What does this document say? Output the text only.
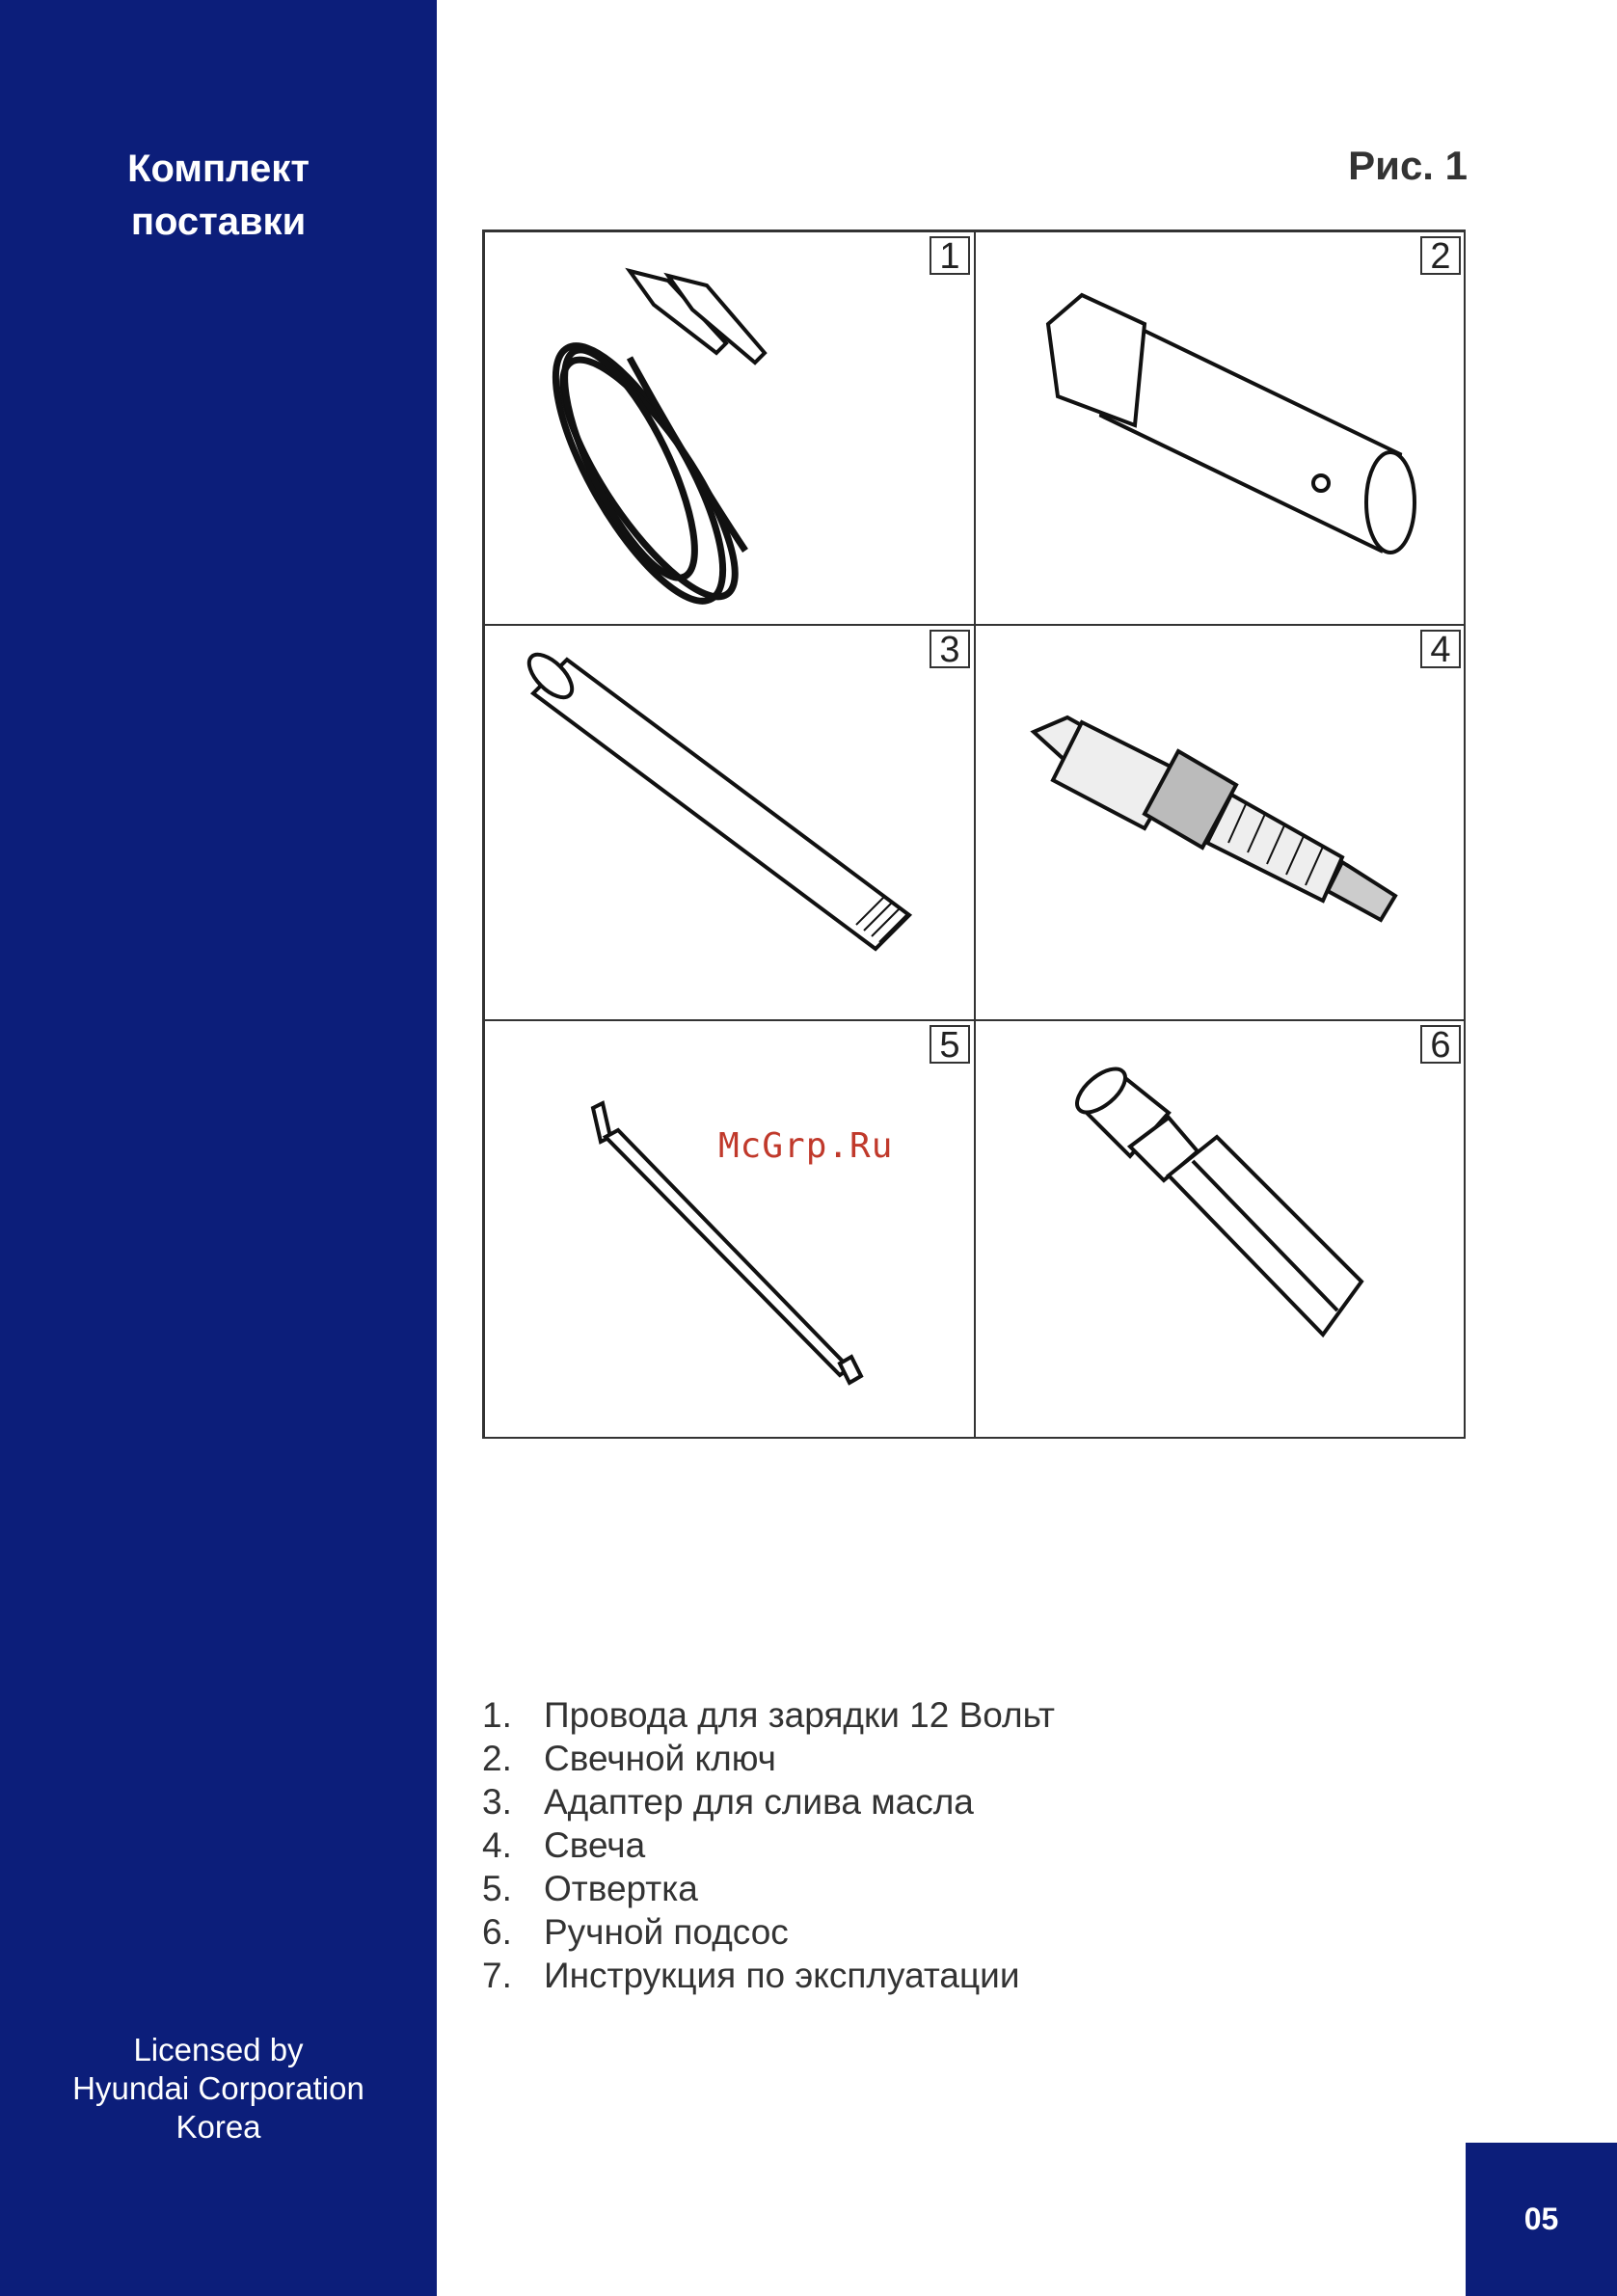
Комплект
поставки
Licensed by
Hyundai Corporation
Korea
Рис. 1
1	2
3	4
5	6
McGrp.Ru
1. Провода для зарядки 12 Вольт
2. Свечной ключ
3. Адаптер для слива масла
4. Свеча
5. Отвертка
6. Ручной подсос
7. Инструкция по эксплуатации
05
